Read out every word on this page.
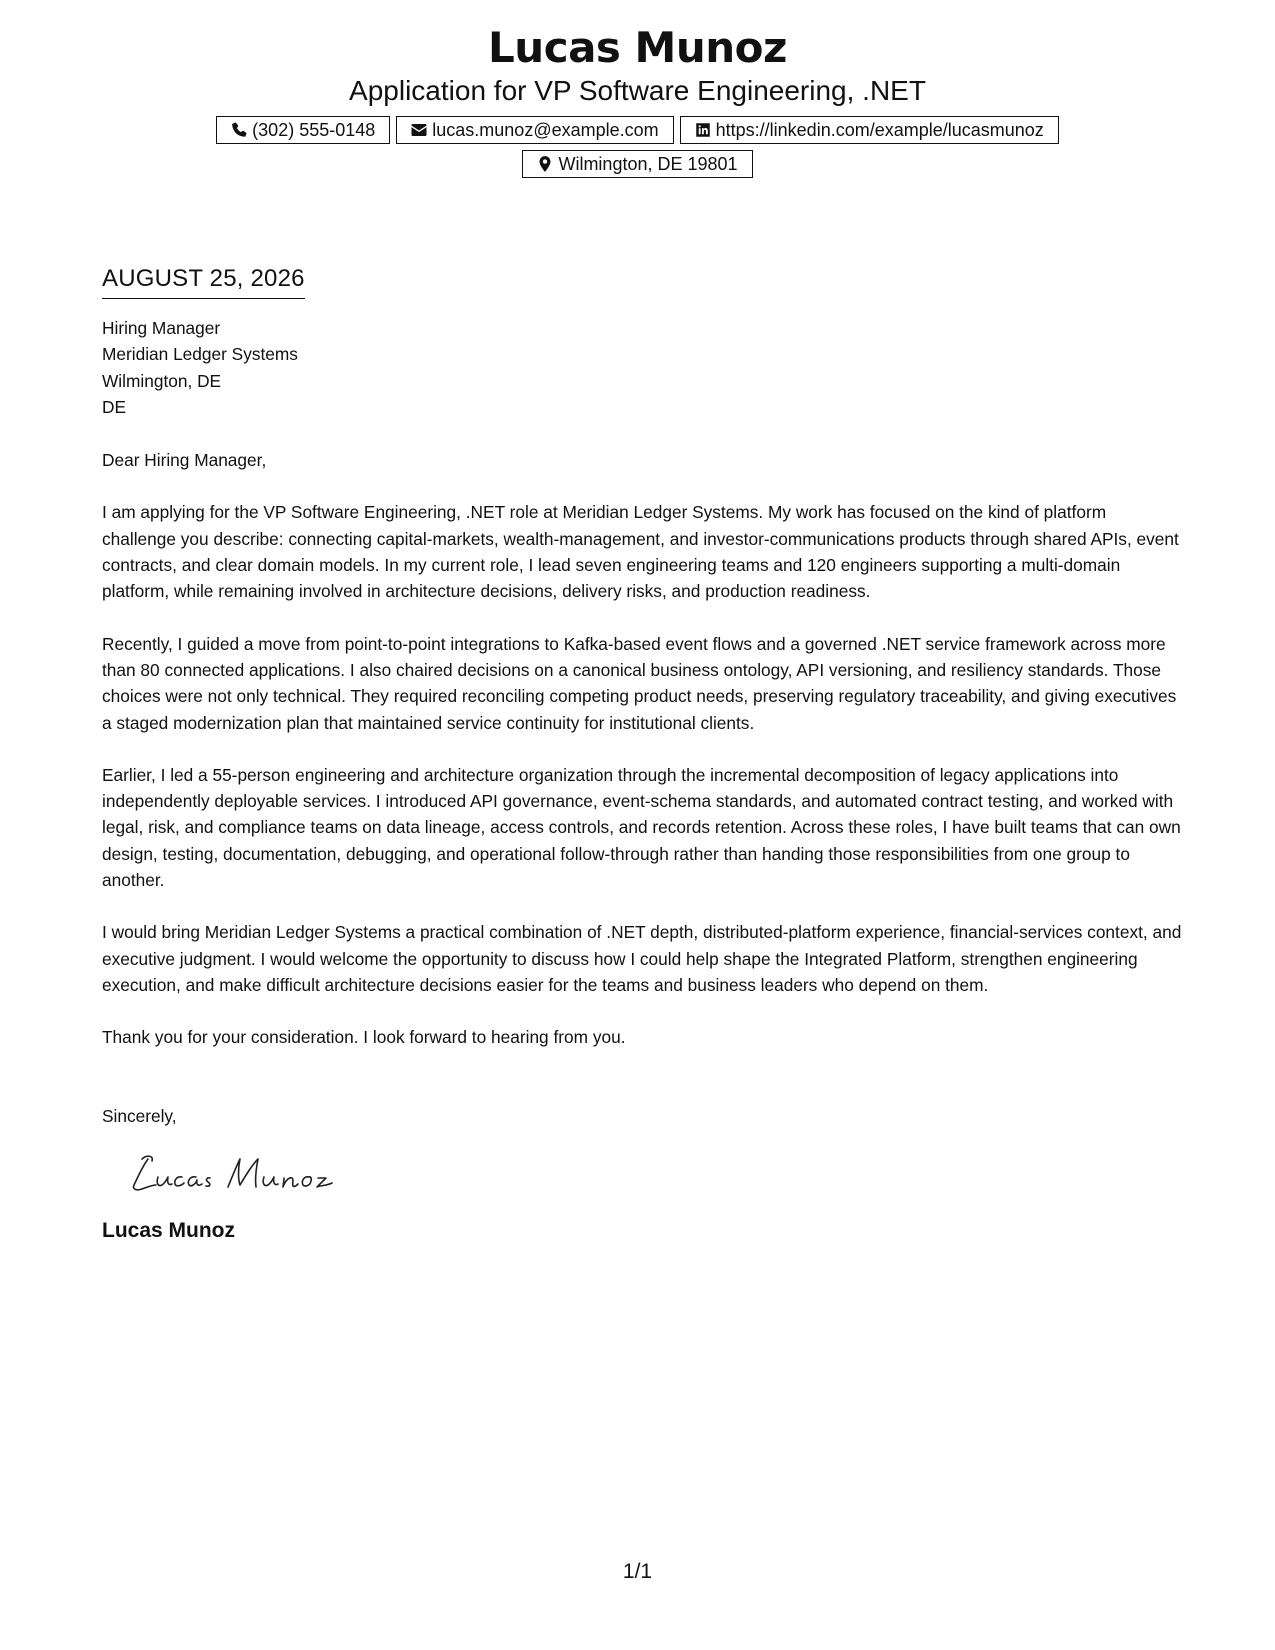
Lucas Munoz
Application for VP Software Engineering, .NET
(302) 555-0148	lucas.munoz@example.com	https://linkedin.com/example/lucasmunoz
Wilmington, DE 19801
AUGUST 25, 2026
Hiring Manager
Meridian Ledger Systems
Wilmington, DE
DE

Dear Hiring Manager,

I am applying for the VP Software Engineering, .NET role at Meridian Ledger Systems. My work has focused on the kind of platform challenge you describe: connecting capital-markets, wealth-management, and investor-communications products through shared APIs, event contracts, and clear domain models. In my current role, I lead seven engineering teams and 120 engineers supporting a multi-domain platform, while remaining involved in architecture decisions, delivery risks, and production readiness.

Recently, I guided a move from point-to-point integrations to Kafka-based event flows and a governed .NET service framework across more than 80 connected applications. I also chaired decisions on a canonical business ontology, API versioning, and resiliency standards. Those choices were not only technical. They required reconciling competing product needs, preserving regulatory traceability, and giving executives a staged modernization plan that maintained service continuity for institutional clients.

Earlier, I led a 55-person engineering and architecture organization through the incremental decomposition of legacy applications into independently deployable services. I introduced API governance, event-schema standards, and automated contract testing, and worked with legal, risk, and compliance teams on data lineage, access controls, and records retention. Across these roles, I have built teams that can own design, testing, documentation, debugging, and operational follow-through rather than handing those responsibilities from one group to another.

I would bring Meridian Ledger Systems a practical combination of .NET depth, distributed-platform experience, financial-services context, and executive judgment. I would welcome the opportunity to discuss how I could help shape the Integrated Platform, strengthen engineering execution, and make difficult architecture decisions easier for the teams and business leaders who depend on them.

Thank you for your consideration. I look forward to hearing from you.

Sincerely,
Lucas Munoz
1/1
